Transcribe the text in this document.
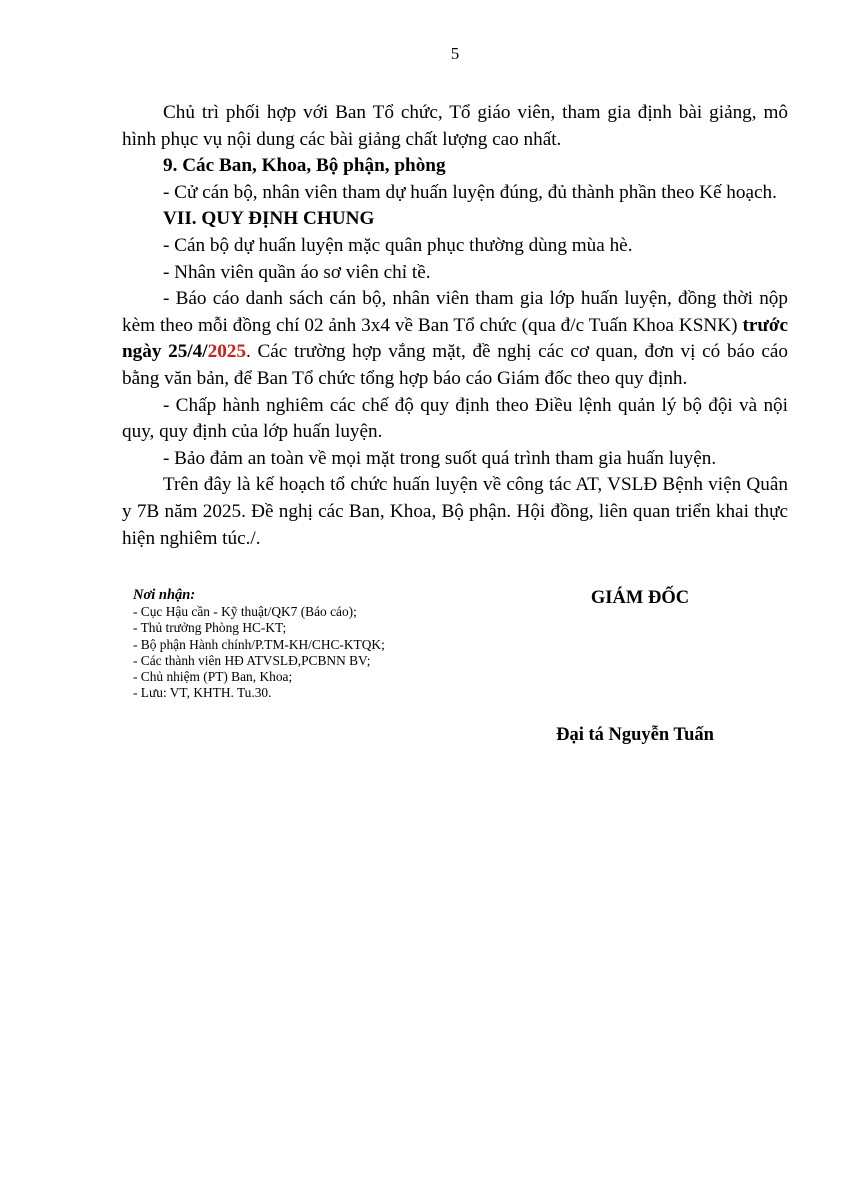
5

Chủ trì phối hợp với Ban Tổ chức, Tổ giáo viên, tham gia định bài giảng, mô hình phục vụ nội dung các bài giảng chất lượng cao nhất.

9. Các Ban, Khoa, Bộ phận, phòng

- Cử cán bộ, nhân viên tham dự huấn luyện đúng, đủ thành phần theo Kế hoạch.

VII. QUY ĐỊNH CHUNG

- Cán bộ dự huấn luyện mặc quân phục thường dùng mùa hè.

- Nhân viên quần áo sơ viên chỉ tề.

- Báo cáo danh sách cán bộ, nhân viên tham gia lớp huấn luyện, đồng thời nộp kèm theo mỗi đồng chí 02 ảnh 3x4 về Ban Tổ chức (qua đ/c Tuấn Khoa KSNK) trước ngày 25/4/2025. Các trường hợp vắng mặt, đề nghị các cơ quan, đơn vị có báo cáo bằng văn bản, để Ban Tổ chức tổng hợp báo cáo Giám đốc theo quy định.

- Chấp hành nghiêm các chế độ quy định theo Điều lệnh quản lý bộ đội và nội quy, quy định của lớp huấn luyện.

- Bảo đảm an toàn về mọi mặt trong suốt quá trình tham gia huấn luyện.

Trên đây là kế hoạch tổ chức huấn luyện về công tác AT, VSLĐ Bệnh viện Quân y 7B năm 2025. Đề nghị các Ban, Khoa, Bộ phận. Hội đồng, liên quan triển khai thực hiện nghiêm túc./.

Nơi nhận:
- Cục Hậu cần - Kỹ thuật/QK7 (Báo cáo);
- Thủ trưởng Phòng HC-KT;
- Bộ phận Hành chính/P.TM-KH/CHC-KTQK;
- Các thành viên HĐ ATVSLĐ,PCBNN BV;
- Chủ nhiệm (PT) Ban, Khoa;
- Lưu: VT, KHTH. Tu.30.
GIÁM ĐỐC
Đại tá Nguyễn Tuấn
